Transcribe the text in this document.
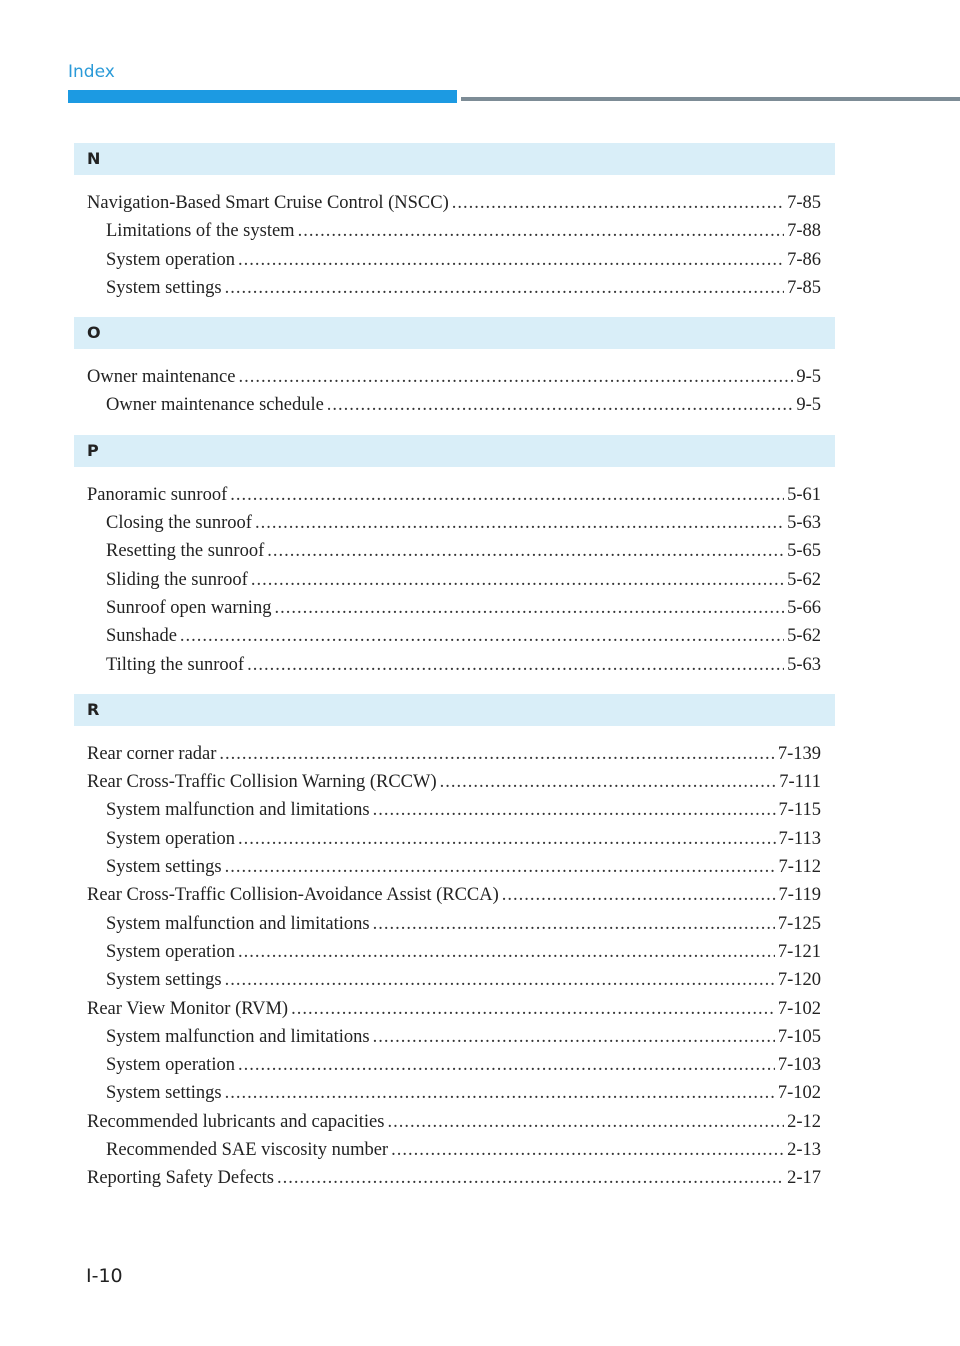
Index
N
Navigation-Based Smart Cruise Control (NSCC) .....	7-85
Limitations of the system .....	7-88
System operation .....	7-86
System settings .....	7-85
O
Owner maintenance .....	9-5
Owner maintenance schedule .....	9-5
P
Panoramic sunroof .....	5-61
Closing the sunroof .....	5-63
Resetting the sunroof .....	5-65
Sliding the sunroof .....	5-62
Sunroof open warning .....	5-66
Sunshade .....	5-62
Tilting the sunroof .....	5-63
R
Rear corner radar .....	7-139
Rear Cross-Traffic Collision Warning (RCCW) .....	7-111
System malfunction and limitations .....	7-115
System operation .....	7-113
System settings .....	7-112
Rear Cross-Traffic Collision-Avoidance Assist (RCCA) .....	7-119
System malfunction and limitations .....	7-125
System operation .....	7-121
System settings .....	7-120
Rear View Monitor (RVM) .....	7-102
System malfunction and limitations .....	7-105
System operation .....	7-103
System settings .....	7-102
Recommended lubricants and capacities .....	2-12
Recommended SAE viscosity number .....	2-13
Reporting Safety Defects .....	2-17
I-10
